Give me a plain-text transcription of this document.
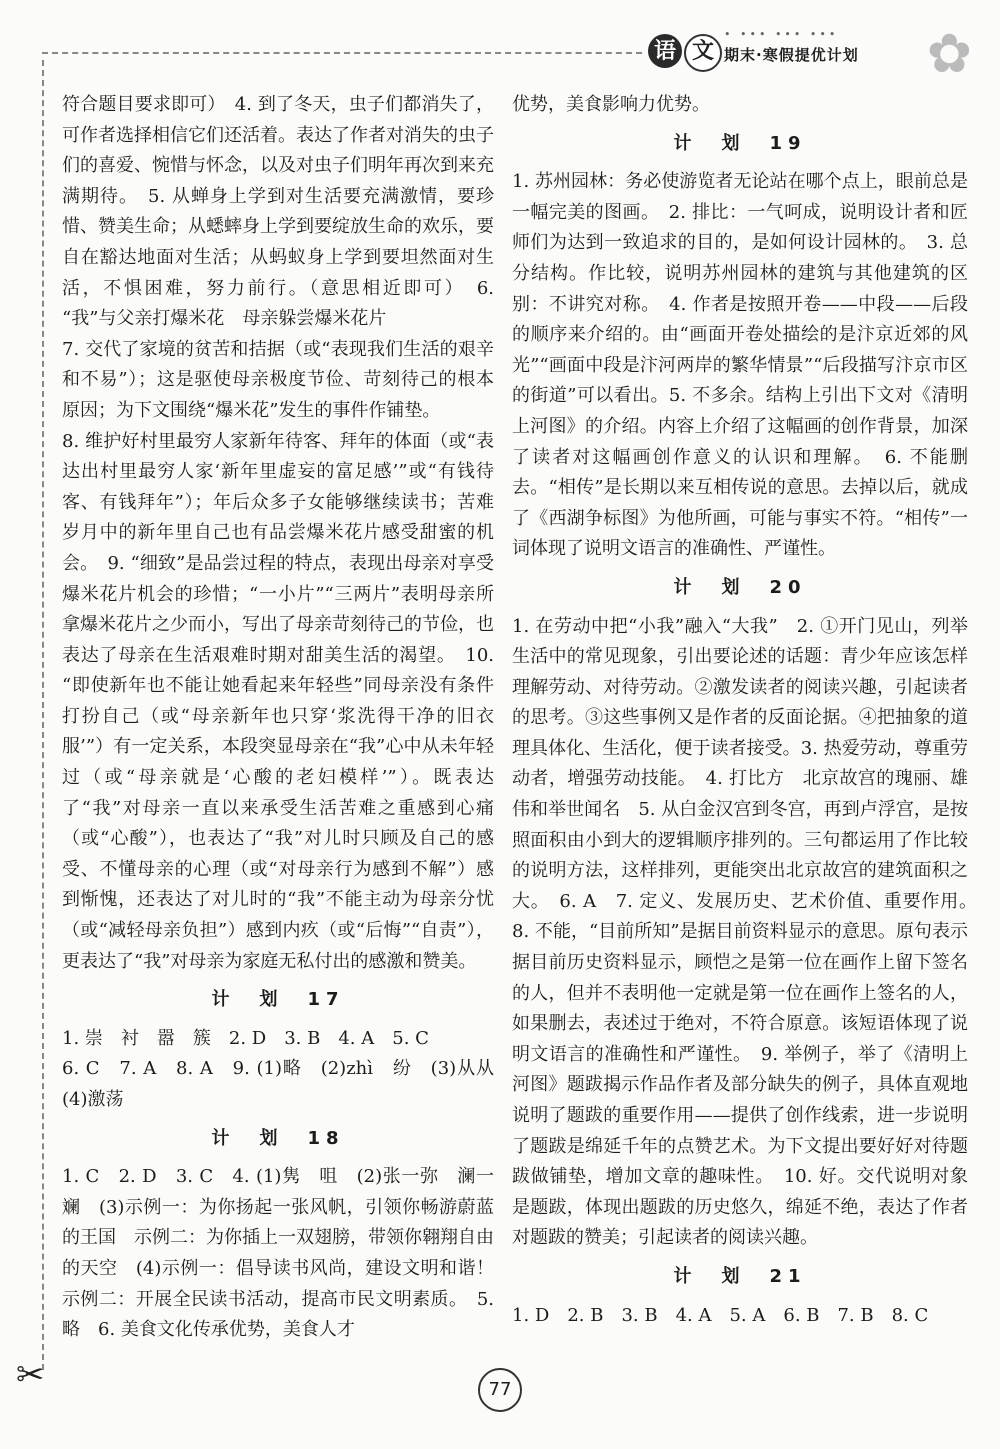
✂
• ••• ••• •••
语 文 期末·寒假提优计划 ✿

符合题目要求即可）　4. 到了冬天，虫子们都消失了，可作者选择相信它们还活着。表达了作者对消失的虫子们的喜爱、惋惜与怀念，以及对虫子们明年再次到来充满期待。　5. 从蝉身上学到对生活要充满激情，要珍惜、赞美生命；从蟋蟀身上学到要绽放生命的欢乐，要自在豁达地面对生活；从蚂蚁身上学到要坦然面对生活，不惧困难，努力前行。（意思相近即可）　6. “我”与父亲打爆米花　母亲躲尝爆米花片

7. 交代了家境的贫苦和拮据（或“表现我们生活的艰辛和不易”）；这是驱使母亲极度节俭、苛刻待己的根本原因；为下文围绕“爆米花”发生的事件作铺垫。

8. 维护好村里最穷人家新年待客、拜年的体面（或“表达出村里最穷人家‘新年里虚妄的富足感’”或“有钱待客、有钱拜年”）；年后众多子女能够继续读书；苦难岁月中的新年里自己也有品尝爆米花片感受甜蜜的机会。　9. “细致”是品尝过程的特点，表现出母亲对享受爆米花片机会的珍惜；“一小片”“三两片”表明母亲所拿爆米花片之少而小，写出了母亲苛刻待己的节俭，也表达了母亲在生活艰难时期对甜美生活的渴望。　10. “即使新年也不能让她看起来年轻些”同母亲没有条件打扮自己（或“母亲新年也只穿‘浆洗得干净的旧衣服’”）有一定关系，本段突显母亲在“我”心中从未年轻过（或“母亲就是‘心酸的老妇模样’”）。既表达了“我”对母亲一直以来承受生活苦难之重感到心痛（或“心酸”），也表达了“我”对儿时只顾及自己的感受、不懂母亲的心理（或“对母亲行为感到不解”）感到惭愧，还表达了对儿时的“我”不能主动为母亲分忧（或“减轻母亲负担”）感到内疚（或“后悔”“自责”），更表达了“我”对母亲为家庭无私付出的感激和赞美。

计　划　17

1. 崇　衬　嚣　簇　2. D　3. B　4. A　5. C

6. C　7. A　8. A　9. (1)略　(2)zhì　纷　(3)从从　(4)激荡

计　划　18

1. C　2. D　3. C　4. (1)隽　咀　(2)张一弥　澜一斓　(3)示例一：为你扬起一张风帆，引领你畅游蔚蓝的王国　示例二：为你插上一双翅膀，带领你翱翔自由的天空　(4)示例一：倡导读书风尚，建设文明和谐！　示例二：开展全民读书活动，提高市民文明素质。　5. 略　6. 美食文化传承优势，美食人才

优势，美食影响力优势。

计　划　19

1. 苏州园林：务必使游览者无论站在哪个点上，眼前总是一幅完美的图画。　2. 排比：一气呵成，说明设计者和匠师们为达到一致追求的目的，是如何设计园林的。　3. 总分结构。作比较，说明苏州园林的建筑与其他建筑的区别：不讲究对称。　4. 作者是按照开卷——中段——后段的顺序来介绍的。由“画面开卷处描绘的是汴京近郊的风光”“画面中段是汴河两岸的繁华情景”“后段描写汴京市区的街道”可以看出。5. 不多余。结构上引出下文对《清明上河图》的介绍。内容上介绍了这幅画的创作背景，加深了读者对这幅画创作意义的认识和理解。　6. 不能删去。“相传”是长期以来互相传说的意思。去掉以后，就成了《西湖争标图》为他所画，可能与事实不符。“相传”一词体现了说明文语言的准确性、严谨性。

计　划　20

1. 在劳动中把“小我”融入“大我”　2. ①开门见山，列举生活中的常见现象，引出要论述的话题：青少年应该怎样理解劳动、对待劳动。②激发读者的阅读兴趣，引起读者的思考。③这些事例又是作者的反面论据。④把抽象的道理具体化、生活化，便于读者接受。3. 热爱劳动，尊重劳动者，增强劳动技能。　4. 打比方　北京故宫的瑰丽、雄伟和举世闻名　5. 从白金汉宫到冬宫，再到卢浮宫，是按照面积由小到大的逻辑顺序排列的。三句都运用了作比较的说明方法，这样排列，更能突出北京故宫的建筑面积之大。　6. A　7. 定义、发展历史、艺术价值、重要作用。　8. 不能，“目前所知”是据目前资料显示的意思。原句表示据目前历史资料显示，顾恺之是第一位在画作上留下签名的人，但并不表明他一定就是第一位在画作上签名的人，如果删去，表述过于绝对，不符合原意。该短语体现了说明文语言的准确性和严谨性。　9. 举例子，举了《清明上河图》题跋揭示作品作者及部分缺失的例子，具体直观地说明了题跋的重要作用——提供了创作线索，进一步说明了题跋是绵延千年的点赞艺术。为下文提出要好好对待题跋做铺垫，增加文章的趣味性。　10. 好。交代说明对象是题跋，体现出题跋的历史悠久，绵延不绝，表达了作者对题跋的赞美；引起读者的阅读兴趣。

计　划　21

1. D　2. B　3. B　4. A　5. A　6. B　7. B　8. C

77
